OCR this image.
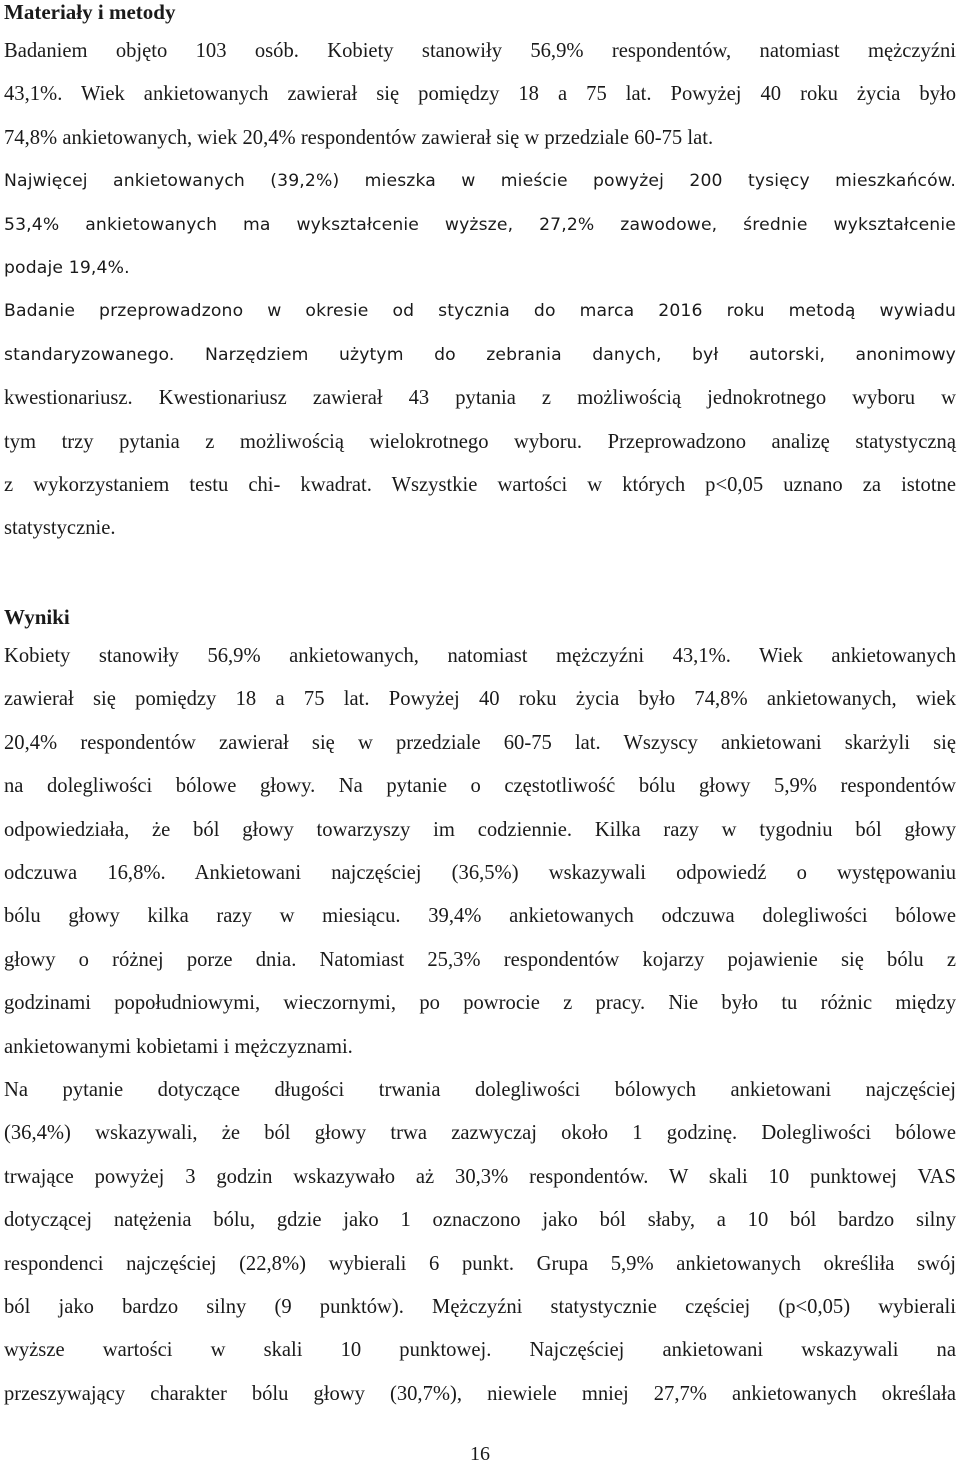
Materiały i metody

Badaniem objęto 103 osób. Kobiety stanowiły 56,9% respondentów, natomiast mężczyźni
43,1%. Wiek ankietowanych zawierał się pomiędzy 18 a 75 lat. Powyżej 40 roku życia było
74,8% ankietowanych, wiek 20,4% respondentów zawierał się w przedziale 60-75 lat.

Najwięcej ankietowanych (39,2%) mieszka w mieście powyżej 200 tysięcy mieszkańców.
53,4% ankietowanych ma wykształcenie wyższe, 27,2% zawodowe, średnie wykształcenie
podaje 19,4%.

Badanie przeprowadzono w okresie od stycznia do marca 2016 roku metodą wywiadu
standaryzowanego. Narzędziem użytym do zebrania danych, był autorski, anonimowy

kwestionariusz. Kwestionariusz zawierał 43 pytania z możliwością jednokrotnego wyboru w
tym trzy pytania z możliwością wielokrotnego wyboru. Przeprowadzono analizę statystyczną
z wykorzystaniem testu chi- kwadrat. Wszystkie wartości w których p<0,05 uznano za istotne
statystycznie.

Wyniki

Kobiety stanowiły 56,9% ankietowanych, natomiast mężczyźni 43,1%. Wiek ankietowanych
zawierał się pomiędzy 18 a 75 lat. Powyżej 40 roku życia było 74,8% ankietowanych, wiek
20,4% respondentów zawierał się w przedziale 60-75 lat. Wszyscy ankietowani skarżyli się
na dolegliwości bólowe głowy. Na pytanie o częstotliwość bólu głowy 5,9% respondentów
odpowiedziała, że ból głowy towarzyszy im codziennie. Kilka razy w tygodniu ból głowy
odczuwa 16,8%. Ankietowani najczęściej (36,5%) wskazywali odpowiedź o występowaniu
bólu głowy kilka razy w miesiącu. 39,4% ankietowanych odczuwa dolegliwości bólowe
głowy o różnej porze dnia. Natomiast 25,3% respondentów kojarzy pojawienie się bólu z
godzinami popołudniowymi, wieczornymi, po powrocie z pracy. Nie było tu różnic między
ankietowanymi kobietami i mężczyznami.

Na pytanie dotyczące długości trwania dolegliwości bólowych ankietowani najczęściej
(36,4%) wskazywali, że ból głowy trwa zazwyczaj około 1 godzinę. Dolegliwości bólowe
trwające powyżej 3 godzin wskazywało aż 30,3% respondentów. W skali 10 punktowej VAS
dotyczącej natężenia bólu, gdzie jako 1 oznaczono jako ból słaby, a 10 ból bardzo silny
respondenci najczęściej (22,8%) wybierali 6 punkt. Grupa 5,9% ankietowanych określiła swój
ból jako bardzo silny (9 punktów). Mężczyźni statystycznie częściej (p<0,05) wybierali
wyższe wartości w skali 10 punktowej. Najczęściej ankietowani wskazywali na
przeszywający charakter bólu głowy (30,7%), niewiele mniej 27,7% ankietowanych określała

16
